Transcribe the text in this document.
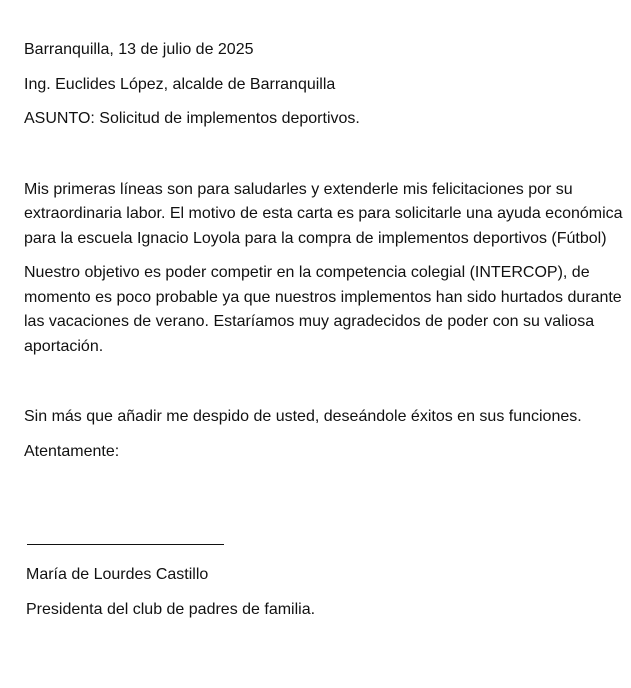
Barranquilla, 13 de julio de 2025
Ing. Euclides López, alcalde de Barranquilla
ASUNTO: Solicitud de implementos deportivos.
Mis primeras líneas son para saludarles y extenderle mis felicitaciones por su extraordinaria labor. El motivo de esta carta es para solicitarle una ayuda económica para la escuela Ignacio Loyola para la compra de implementos deportivos (Fútbol)
Nuestro objetivo es poder competir en la competencia colegial (INTERCOP), de momento es poco probable ya que nuestros implementos han sido hurtados durante las vacaciones de verano. Estaríamos muy agradecidos de poder con su valiosa aportación.
Sin más que añadir me despido de usted, deseándole éxitos en sus funciones.
Atentamente:
María de Lourdes Castillo
Presidenta del club de padres de familia.
